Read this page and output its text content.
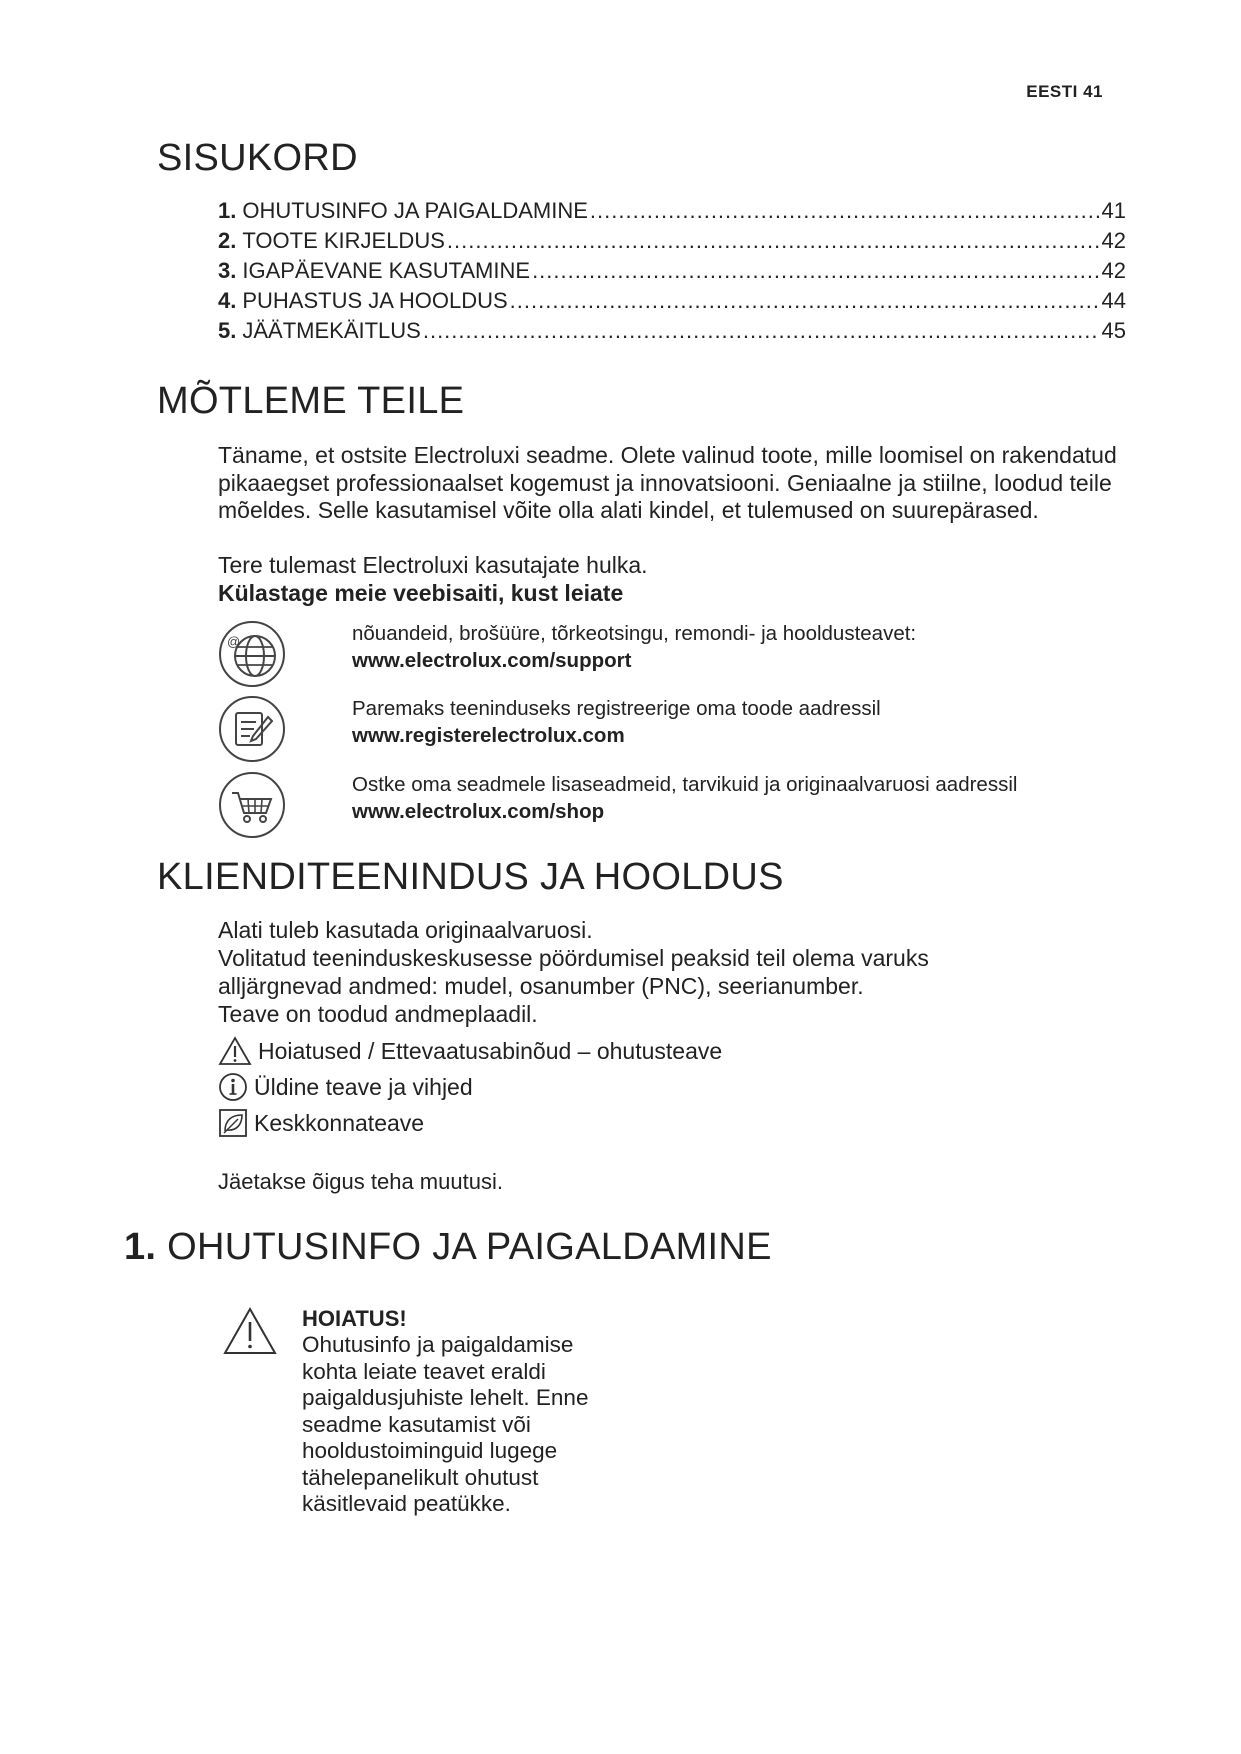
EESTI 41
SISUKORD
1. OHUTUSINFO JA PAIGALDAMINE .....	41
2. TOOTE KIRJELDUS .....	42
3. IGAPÄEVANE KASUTAMINE .....	42
4. PUHASTUS JA HOOLDUS .....	44
5. JÄÄTMEKÄITLUS .....	45
MÕTLEME TEILE
Täname, et ostsite Electroluxi seadme. Olete valinud toote, mille loomisel on rakendatud pikaaegset professionaalset kogemust ja innovatsiooni. Geniaalne ja stiilne, loodud teile mõeldes. Selle kasutamisel võite olla alati kindel, et tulemused on suurepärased.
Tere tulemast Electroluxi kasutajate hulka.
Külastage meie veebisaiti, kust leiate
@	nõuandeid, brošüüre, tõrkeotsingu, remondi- ja hooldusteavet:
www.electrolux.com/support
Paremaks teeninduseks registreerige oma toode aadressil
www.registerelectrolux.com
Ostke oma seadmele lisaseadmeid, tarvikuid ja originaalvaruosi aadressil
www.electrolux.com/shop
KLIENDITEENINDUS JA HOOLDUS
Alati tuleb kasutada originaalvaruosi.
Volitatud teeninduskeskusesse pöördumisel peaksid teil olema varuks alljärgnevad andmed: mudel, osanumber (PNC), seerianumber.
Teave on toodud andmeplaadil.
Hoiatused / Ettevaatusabinõud – ohutusteave
Üldine teave ja vihjed
Keskkonnateave
Jäetakse õigus teha muutusi.
1. OHUTUSINFO JA PAIGALDAMINE
HOIATUS!
Ohutusinfo ja paigaldamise kohta leiate teavet eraldi paigaldusjuhiste lehelt. Enne seadme kasutamist või hooldustoiminguid lugege tähelepanelikult ohutust käsitlevaid peatükke.
